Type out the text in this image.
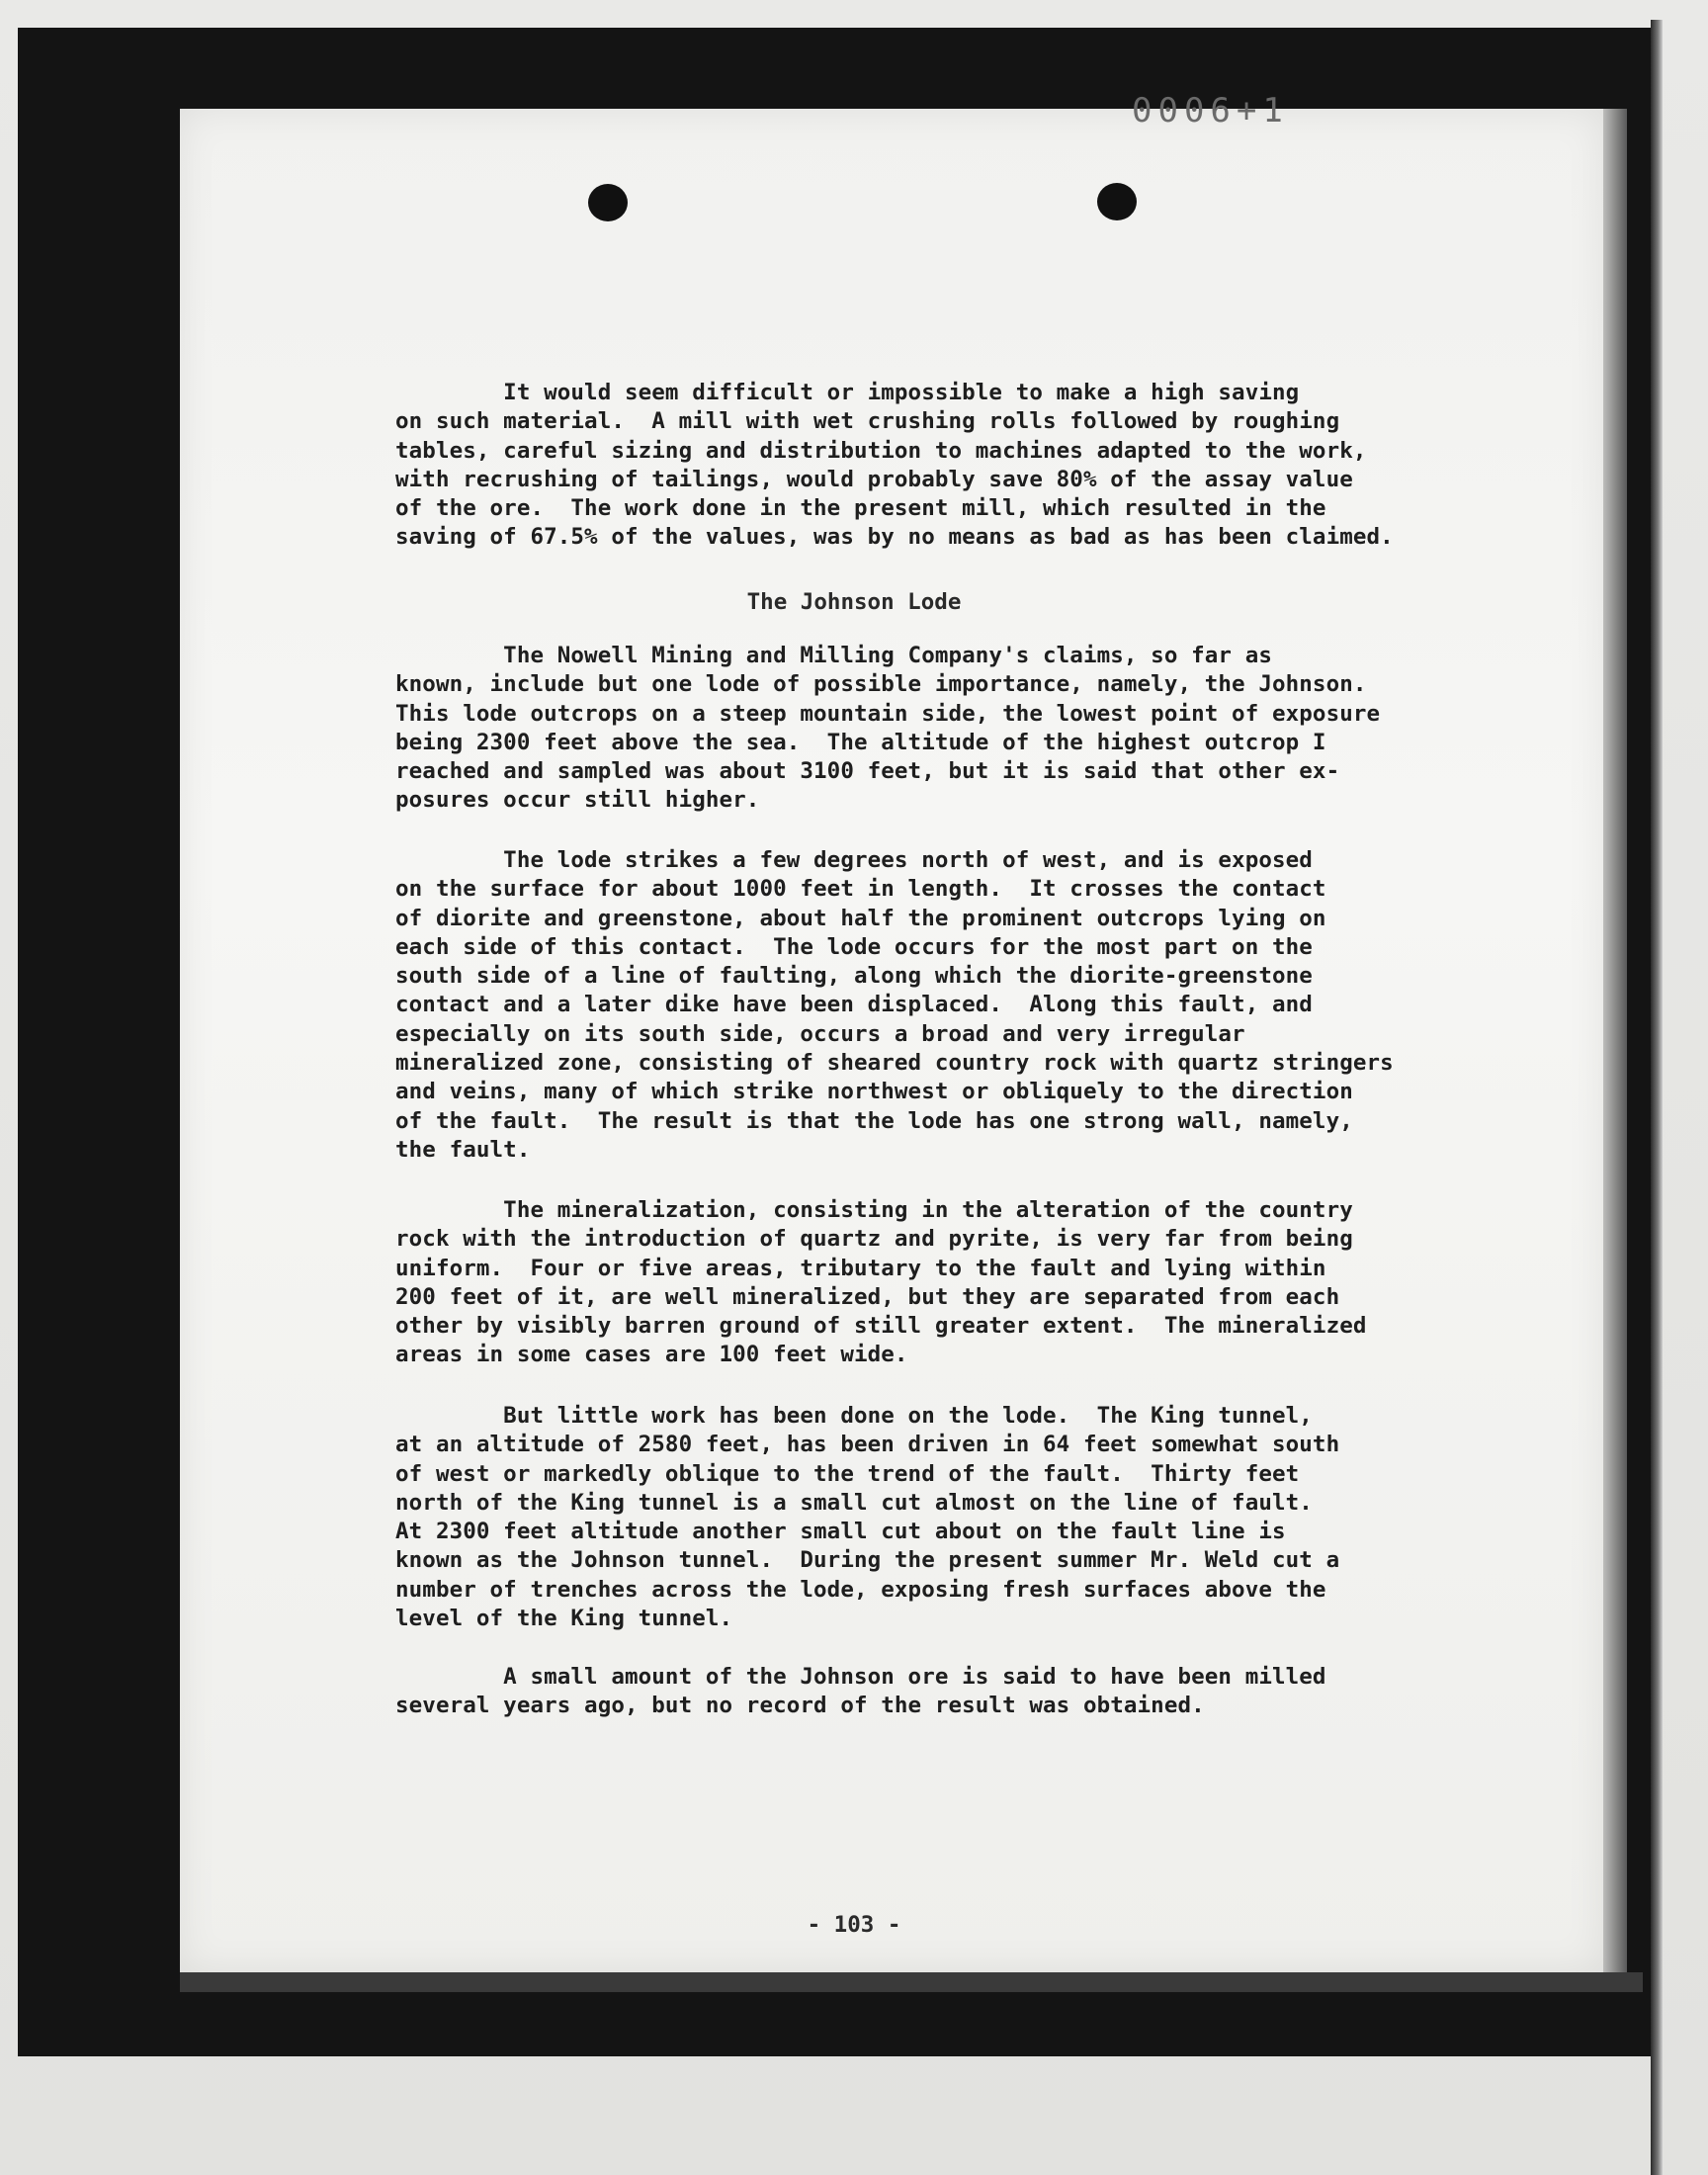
0006+1
It would seem difficult or impossible to make a high saving
on such material.  A mill with wet crushing rolls followed by roughing
tables, careful sizing and distribution to machines adapted to the work,
with recrushing of tailings, would probably save 80% of the assay value
of the ore.  The work done in the present mill, which resulted in the
saving of 67.5% of the values, was by no means as bad as has been claimed.
The Johnson Lode
The Nowell Mining and Milling Company's claims, so far as
known, include but one lode of possible importance, namely, the Johnson.
This lode outcrops on a steep mountain side, the lowest point of exposure
being 2300 feet above the sea.  The altitude of the highest outcrop I
reached and sampled was about 3100 feet, but it is said that other ex-
posures occur still higher.
The lode strikes a few degrees north of west, and is exposed
on the surface for about 1000 feet in length.  It crosses the contact
of diorite and greenstone, about half the prominent outcrops lying on
each side of this contact.  The lode occurs for the most part on the
south side of a line of faulting, along which the diorite-greenstone
contact and a later dike have been displaced.  Along this fault, and
especially on its south side, occurs a broad and very irregular
mineralized zone, consisting of sheared country rock with quartz stringers
and veins, many of which strike northwest or obliquely to the direction
of the fault.  The result is that the lode has one strong wall, namely,
the fault.
The mineralization, consisting in the alteration of the country
rock with the introduction of quartz and pyrite, is very far from being
uniform.  Four or five areas, tributary to the fault and lying within
200 feet of it, are well mineralized, but they are separated from each
other by visibly barren ground of still greater extent.  The mineralized
areas in some cases are 100 feet wide.
But little work has been done on the lode.  The King tunnel,
at an altitude of 2580 feet, has been driven in 64 feet somewhat south
of west or markedly oblique to the trend of the fault.  Thirty feet
north of the King tunnel is a small cut almost on the line of fault.
At 2300 feet altitude another small cut about on the fault line is
known as the Johnson tunnel.  During the present summer Mr. Weld cut a
number of trenches across the lode, exposing fresh surfaces above the
level of the King tunnel.
A small amount of the Johnson ore is said to have been milled
several years ago, but no record of the result was obtained.
- 103 -
